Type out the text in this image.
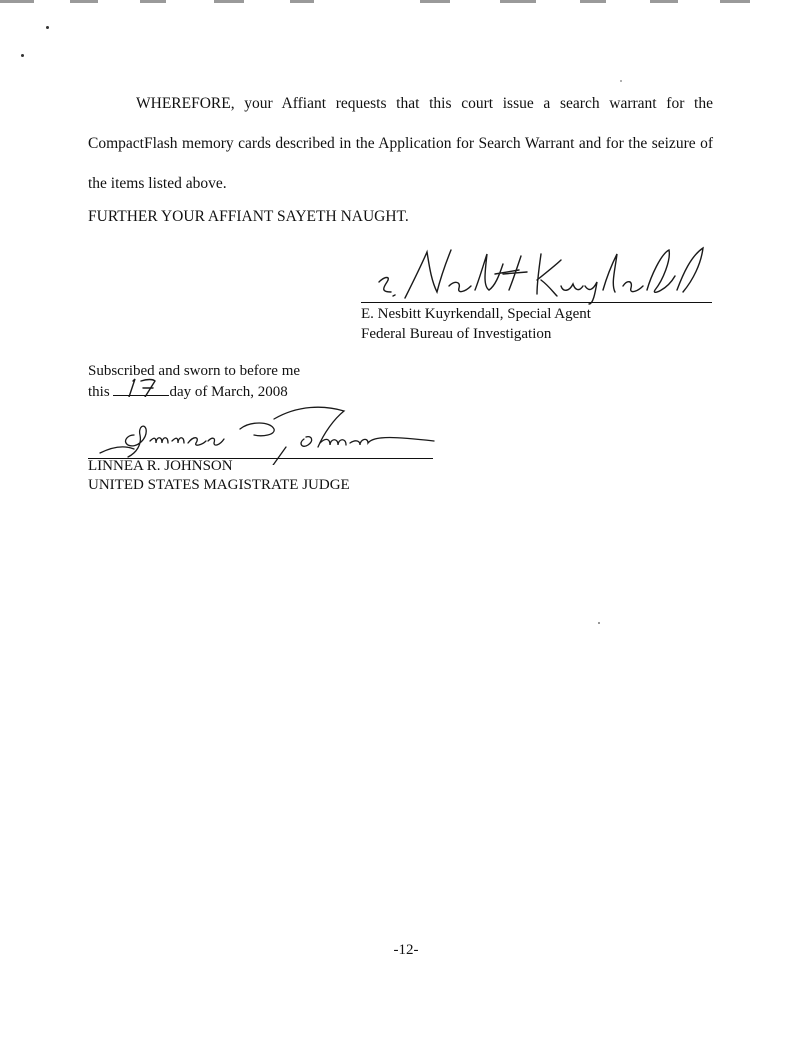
WHEREFORE, your Affiant requests that this court issue a search warrant for the CompactFlash memory cards described in the Application for Search Warrant and for the seizure of the items listed above.
FURTHER YOUR AFFIANT SAYETH NAUGHT.
E. Nesbitt Kuyrkendall, Special Agent
Federal Bureau of Investigation
Subscribed and sworn to before me
this	day of March, 2008
LINNEA R. JOHNSON
UNITED STATES MAGISTRATE JUDGE
-12-
